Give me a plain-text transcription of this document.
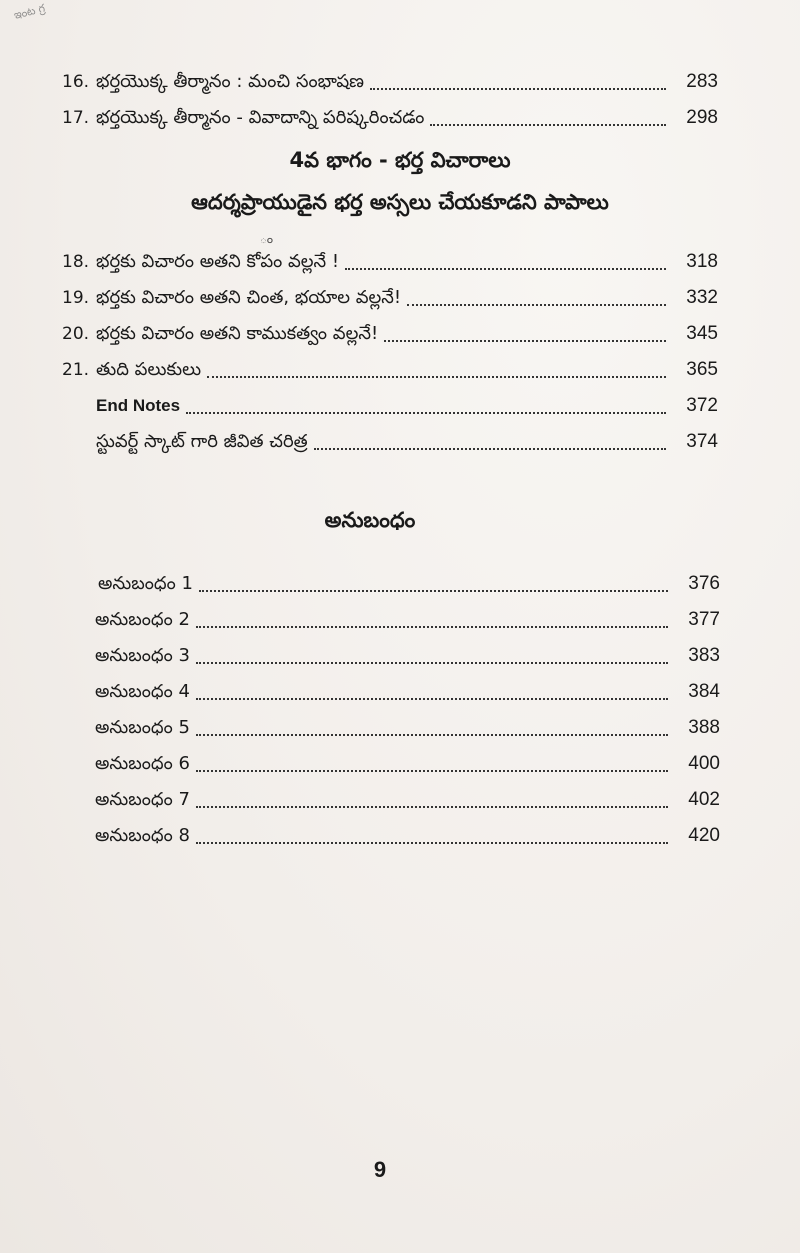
ఇంట గ్ర
16. భర్తయొక్క తీర్మానం : మంచి సంభాషణ	283
17. భర్తయొక్క తీర్మానం - వివాదాన్ని పరిష్కరించడం	298
4వ భాగం - భర్త విచారాలు
ఆదర్శప్రాయుడైన భర్త అస్సలు చేయకూడని పాపాలు
ం
18. భర్తకు విచారం అతని కోపం వల్లనే !	318
19. భర్తకు విచారం అతని చింత, భయాల వల్లనే!	332
20. భర్తకు విచారం అతని కాముకత్వం వల్లనే!	345
21. తుది పలుకులు	365
End Notes	372
స్టువర్ట్ స్కాట్ గారి జీవిత చరిత్ర	374
అనుబంధం
అనుబంధం 1	376
అనుబంధం 2	377
అనుబంధం 3	383
అనుబంధం 4	384
అనుబంధం 5	388
అనుబంధం 6	400
అనుబంధం 7	402
అనుబంధం 8	420
9
